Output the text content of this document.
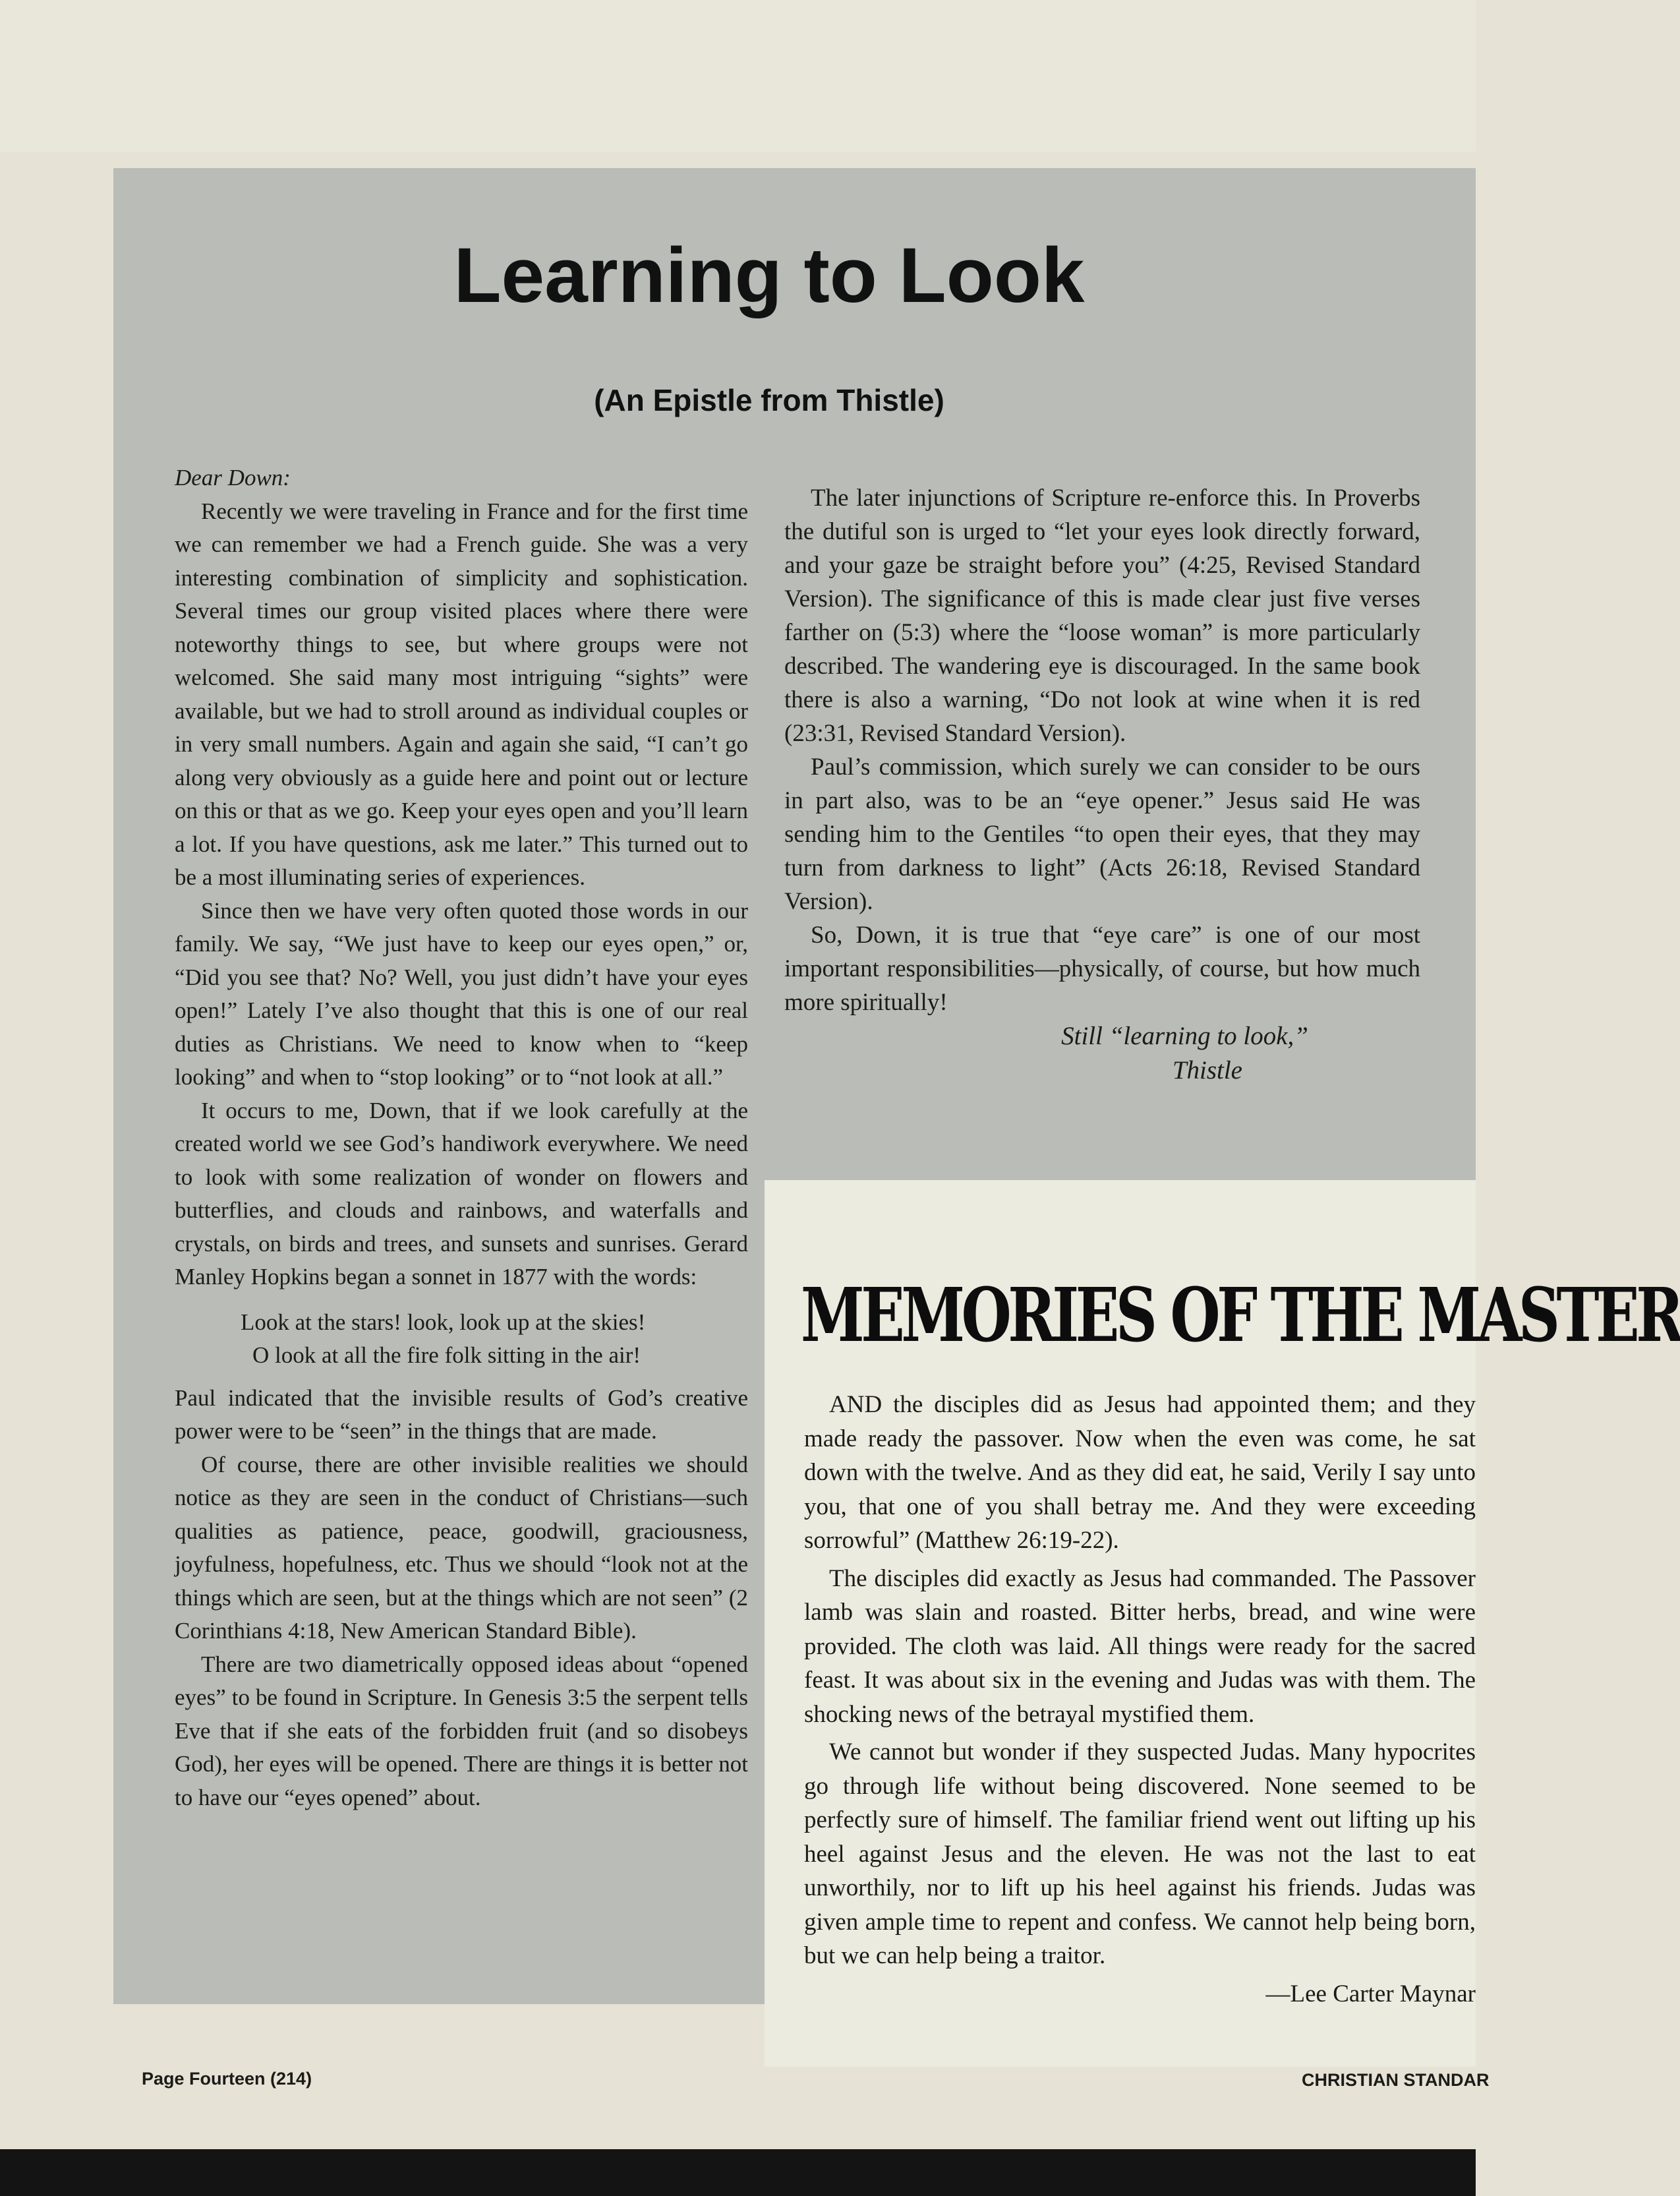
Learning to Look
(An Epistle from Thistle)

Dear Down:

Recently we were traveling in France and for the first time we can remember we had a French guide. She was a very interesting combination of simplicity and sophistication. Several times our group visited places where there were noteworthy things to see, but where groups were not welcomed. She said many most intriguing “sights” were available, but we had to stroll around as individual couples or in very small numbers. Again and again she said, “I can’t go along very obviously as a guide here and point out or lecture on this or that as we go. Keep your eyes open and you’ll learn a lot. If you have questions, ask me later.” This turned out to be a most illuminating series of experiences.

Since then we have very often quoted those words in our family. We say, “We just have to keep our eyes open,” or, “Did you see that? No? Well, you just didn’t have your eyes open!” Lately I’ve also thought that this is one of our real duties as Christians. We need to know when to “keep looking” and when to “stop looking” or to “not look at all.”

It occurs to me, Down, that if we look carefully at the created world we see God’s handiwork everywhere. We need to look with some realization of wonder on flowers and butterflies, and clouds and rainbows, and waterfalls and crystals, on birds and trees, and sunsets and sunrises. Gerard Manley Hopkins began a sonnet in 1877 with the words:

Look at the stars! look, look up at the skies!
O look at all the fire folk sitting in the air!

Paul indicated that the invisible results of God’s creative power were to be “seen” in the things that are made.

Of course, there are other invisible realities we should notice as they are seen in the conduct of Christians—such qualities as patience, peace, goodwill, graciousness, joyfulness, hopefulness, etc. Thus we should “look not at the things which are seen, but at the things which are not seen” (2 Corinthians 4:18, New American Standard Bible).

There are two diametrically opposed ideas about “opened eyes” to be found in Scripture. In Genesis 3:5 the serpent tells Eve that if she eats of the forbidden fruit (and so disobeys God), her eyes will be opened. There are things it is better not to have our “eyes opened” about.

The later injunctions of Scripture re-enforce this. In Proverbs the dutiful son is urged to “let your eyes look directly forward, and your gaze be straight before you” (4:25, Revised Standard Version). The significance of this is made clear just five verses farther on (5:3) where the “loose woman” is more particularly described. The wandering eye is discouraged. In the same book there is also a warning, “Do not look at wine when it is red (23:31, Revised Standard Version).

Paul’s commission, which surely we can consider to be ours in part also, was to be an “eye opener.” Jesus said He was sending him to the Gentiles “to open their eyes, that they may turn from darkness to light” (Acts 26:18, Revised Standard Version).

So, Down, it is true that “eye care” is one of our most important responsibilities—physically, of course, but how much more spiritually!

Still “learning to look,”
Thistle
MEMORIES OF THE MASTER

AND the disciples did as Jesus had appointed them; and they made ready the passover. Now when the even was come, he sat down with the twelve. And as they did eat, he said, Verily I say unto you, that one of you shall betray me. And they were exceeding sorrowful” (Matthew 26:19-22).

The disciples did exactly as Jesus had commanded. The Passover lamb was slain and roasted. Bitter herbs, bread, and wine were provided. The cloth was laid. All things were ready for the sacred feast. It was about six in the evening and Judas was with them. The shocking news of the betrayal mystified them.

We cannot but wonder if they suspected Judas. Many hypocrites go through life without being discovered. None seemed to be perfectly sure of himself. The familiar friend went out lifting up his heel against Jesus and the eleven. He was not the last to eat unworthily, nor to lift up his heel against his friends. Judas was given ample time to repent and confess. We cannot help being born, but we can help being a traitor.

—Lee Carter Maynar
Page Fourteen (214)	CHRISTIAN STANDAR
